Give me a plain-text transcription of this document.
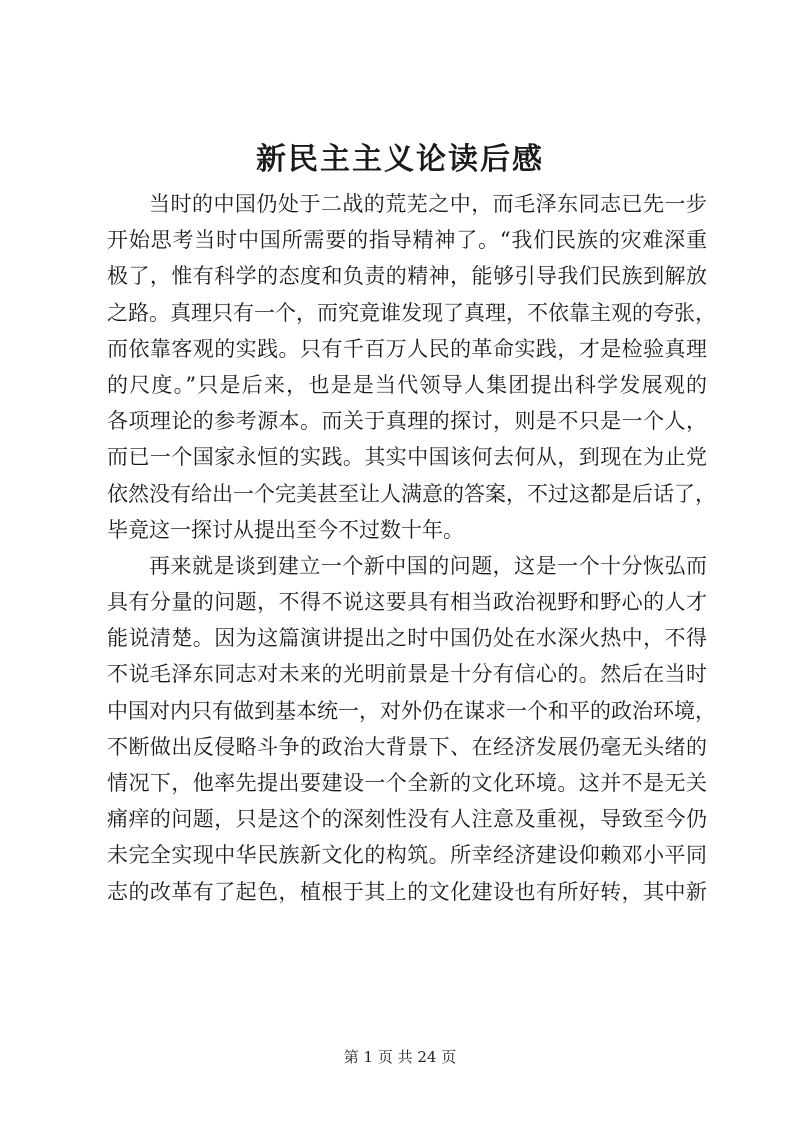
新民主主义论读后感
当时的中国仍处于二战的荒芜之中，而毛泽东同志已先一步
开始思考当时中国所需要的指导精神了。“我们民族的灾难深重
极了，惟有科学的态度和负责的精神，能够引导我们民族到解放
之路。真理只有一个，而究竟谁发现了真理，不依靠主观的夸张，
而依靠客观的实践。只有千百万人民的革命实践，才是检验真理
的尺度。”只是后来，也是是当代领导人集团提出科学发展观的
各项理论的参考源本。而关于真理的探讨，则是不只是一个人，
而已一个国家永恒的实践。其实中国该何去何从，到现在为止党
依然没有给出一个完美甚至让人满意的答案，不过这都是后话了，
毕竟这一探讨从提出至今不过数十年。
再来就是谈到建立一个新中国的问题，这是一个十分恢弘而
具有分量的问题，不得不说这要具有相当政治视野和野心的人才
能说清楚。因为这篇演讲提出之时中国仍处在水深火热中，不得
不说毛泽东同志对未来的光明前景是十分有信心的。然后在当时
中国对内只有做到基本统一，对外仍在谋求一个和平的政治环境，
不断做出反侵略斗争的政治大背景下、在经济发展仍毫无头绪的
情况下，他率先提出要建设一个全新的文化环境。这并不是无关
痛痒的问题，只是这个的深刻性没有人注意及重视，导致至今仍
未完全实现中华民族新文化的构筑。所幸经济建设仰赖邓小平同
志的改革有了起色，植根于其上的文化建设也有所好转，其中新

第 1 页 共 24 页
